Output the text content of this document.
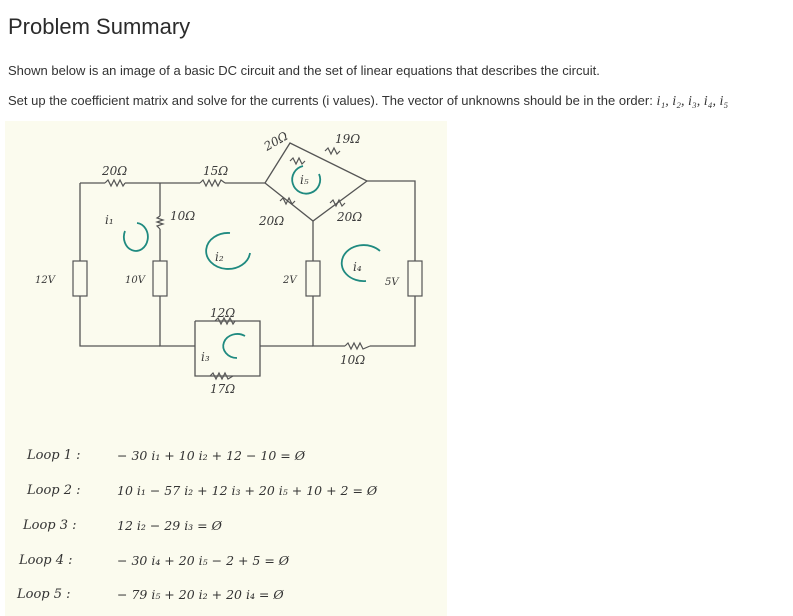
Problem Summary
Shown below is an image of a basic DC circuit and the set of linear equations that describes the circuit.
Set up the coefficient matrix and solve for the currents (i values). The vector of unknowns should be in the order: i₁, i₂, i₃, i₄, i₅
20Ω	15Ω
10Ω
20Ω	19Ω
20Ω	20Ω
12Ω
17Ω
10Ω
12V	10V	2V	5V
i₁
i₂
i₃
i₄
i₅
Loop 1 :	− 30 i₁ + 10 i₂ + 12 − 10 = Ø
Loop 2 :	10 i₁ − 57 i₂ + 12 i₃ + 20 i₅ + 10 + 2 = Ø
Loop 3 :	12 i₂ − 29 i₃ = Ø
Loop 4 :	− 30 i₄ + 20 i₅ − 2 + 5 = Ø
Loop 5 :	− 79 i₅ + 20 i₂ + 20 i₄ = Ø
